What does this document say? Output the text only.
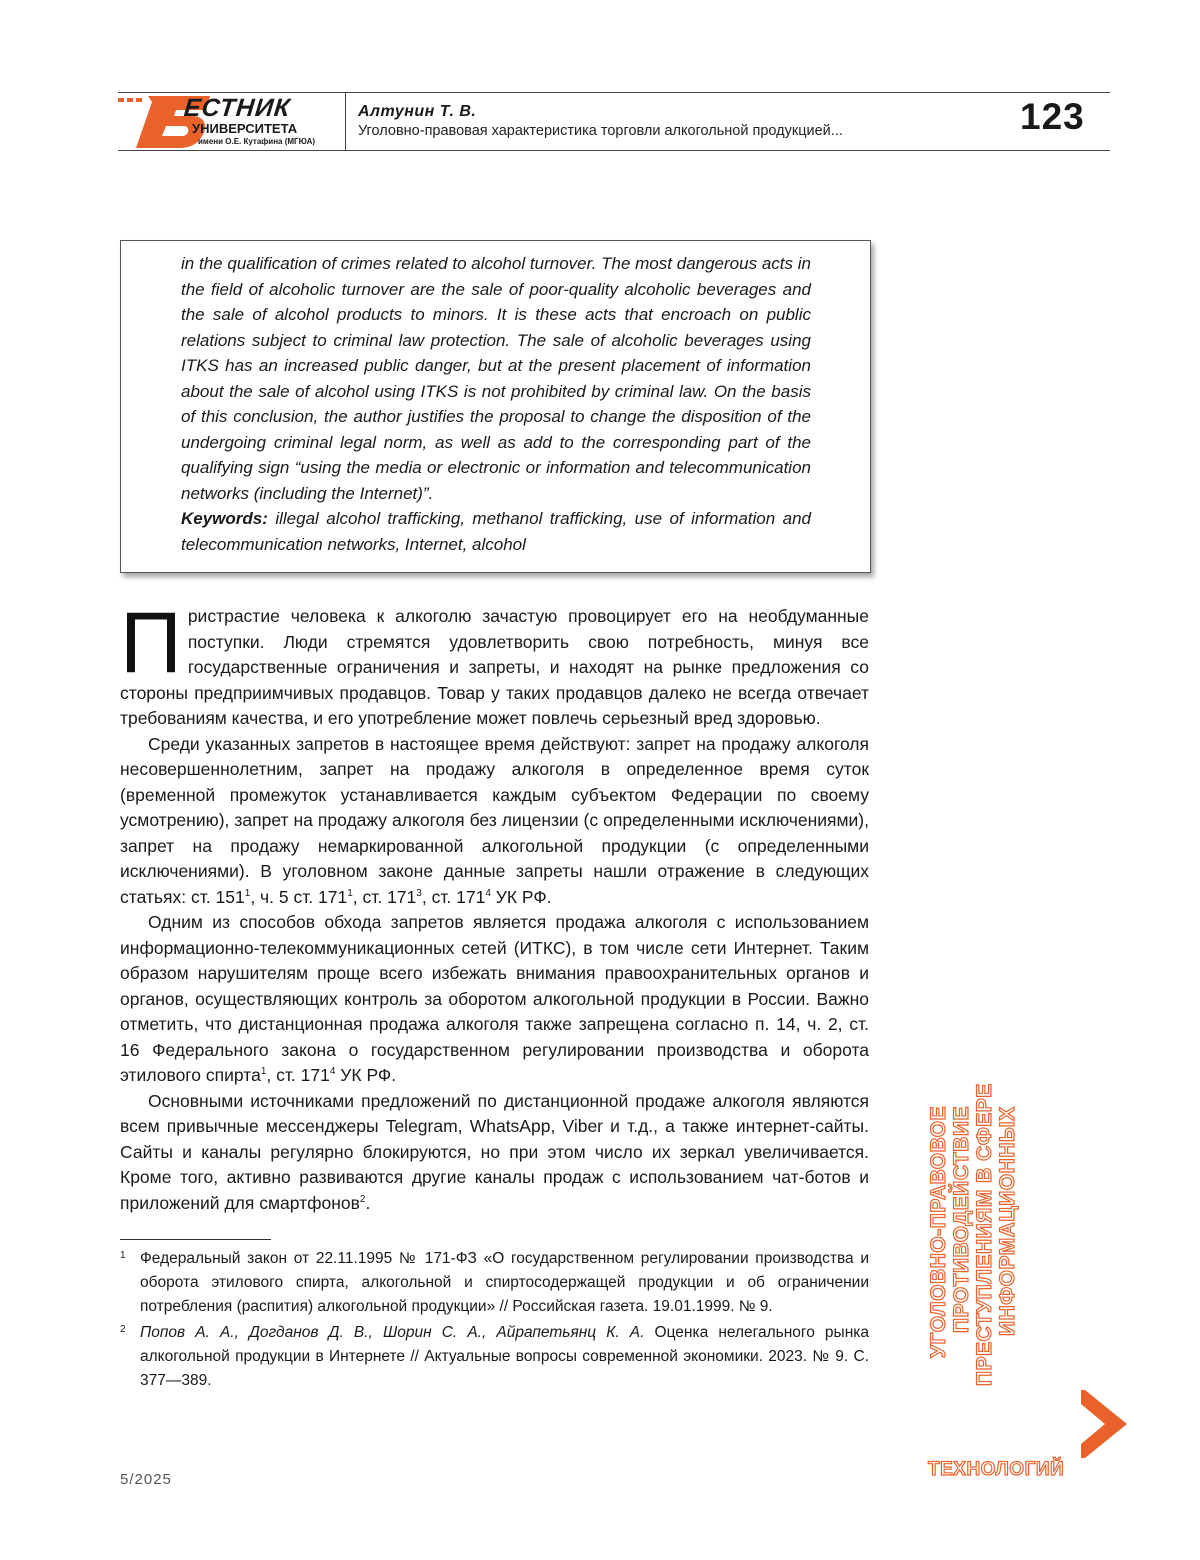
ЕСТНИК
УНИВЕРСИТЕТА
имени О.Е. Кутафина (МГЮА)
Алтунин Т. В.
Уголовно-правовая характеристика торговли алкогольной продукцией...	123

in the qualification of crimes related to alcohol turnover. The most dangerous acts in the field of alcoholic turnover are the sale of poor-quality alcoholic beverages and the sale of alcohol products to minors. It is these acts that encroach on public relations subject to criminal law protection. The sale of alcoholic beverages using ITKS has an increased public danger, but at the present placement of information about the sale of alcohol using ITKS is not prohibited by criminal law. On the basis of this conclusion, the author justifies the proposal to change the disposition of the undergoing criminal legal norm, as well as add to the corresponding part of the qualifying sign “using the media or electronic or information and telecommunication networks (including the Internet)”.

Keywords: illegal alcohol trafficking, methanol trafficking, use of information and telecommunication networks, Internet, alcohol

Пристрастие человека к алкоголю зачастую провоцирует его на необдуманные поступки. Люди стремятся удовлетворить свою потребность, минуя все государственные ограничения и запреты, и находят на рынке предложения со стороны предприимчивых продавцов. Товар у таких продавцов далеко не всегда отвечает требованиям качества, и его употребление может повлечь серьезный вред здоровью.

Среди указанных запретов в настоящее время действуют: запрет на продажу алкоголя несовершеннолетним, запрет на продажу алкоголя в определенное время суток (временной промежуток устанавливается каждым субъектом Федерации по своему усмотрению), запрет на продажу алкоголя без лицензии (с определенными исключениями), запрет на продажу немаркированной алкогольной продукции (с определенными исключениями). В уголовном законе данные запреты нашли отражение в следующих статьях: ст. $151^1$, ч. 5 ст. $171^1$, ст. $171^3$, ст. $171^4$ УК РФ.

Одним из способов обхода запретов является продажа алкоголя с использованием информационно-телекоммуникационных сетей (ИТКС), в том числе сети Интернет. Таким образом нарушителям проще всего избежать внимания правоохранительных органов и органов, осуществляющих контроль за оборотом алкогольной продукции в России. Важно отметить, что дистанционная продажа алкоголя также запрещена согласно п. 14, ч. 2, ст. 16 Федерального закона о государственном регулировании производства и оборота этилового спирта$^1$, ст. $171^4$ УК РФ.

Основными источниками предложений по дистанционной продаже алкоголя являются всем привычные мессенджеры Telegram, WhatsApp, Viber и т.д., а также интернет-сайты. Сайты и каналы регулярно блокируются, но при этом число их зеркал увеличивается. Кроме того, активно развиваются другие каналы продаж с использованием чат-ботов и приложений для смартфонов$^2$.

1 Федеральный закон от 22.11.1995 № 171-ФЗ «О государственном регулировании производства и оборота этилового спирта, алкогольной и спиртосодержащей продукции и об ограничении потребления (распития) алкогольной продукции» // Российская газета. 19.01.1999. № 9.
2 Попов А. А., Догданов Д. В., Шорин С. А., Айрапетьянц К. А. Оценка нелегального рынка алкогольной продукции в Интернете // Актуальные вопросы современной экономики. 2023. № 9. С. 377—389.
5/2025
УГОЛОВНО-ПРАВОВОЕ
ПРОТИВОДЕЙСТВИЕ
ПРЕСТУПЛЕНИЯМ В СФЕРЕ
ИНФОРМАЦИОННЫХ
ТЕХНОЛОГИЙ
